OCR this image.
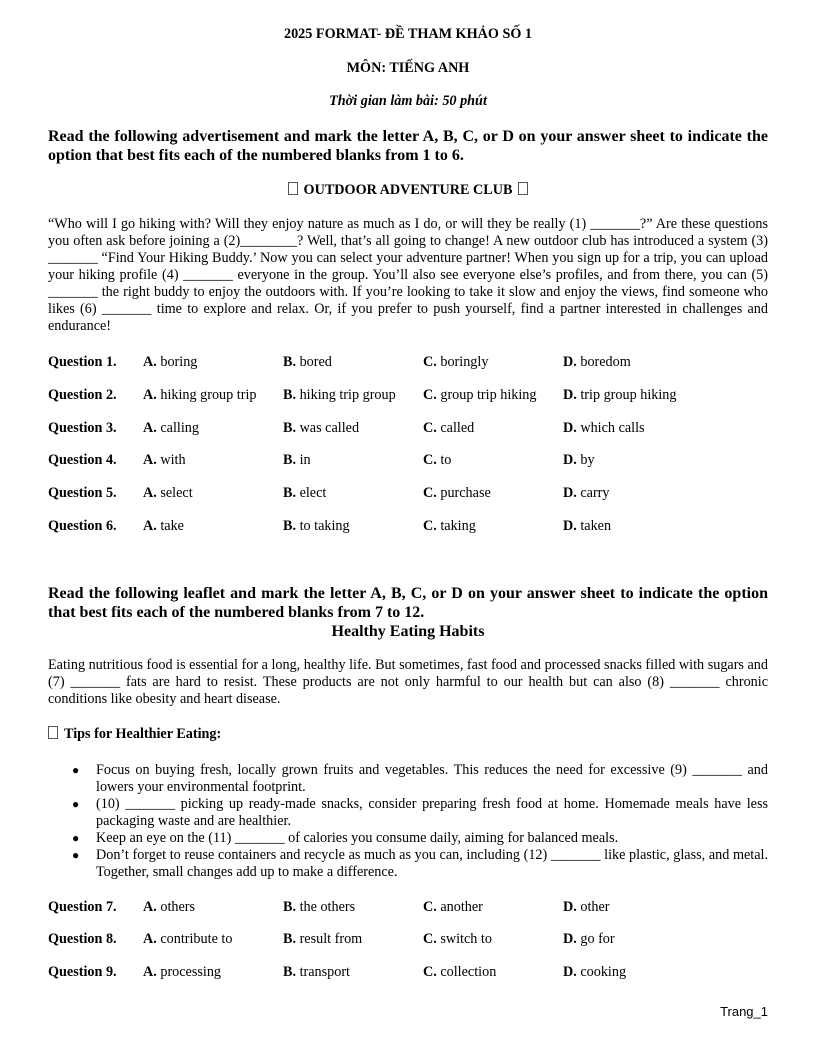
2025 FORMAT- ĐỀ THAM KHẢO SỐ 1
MÔN: TIẾNG ANH
Thời gian làm bài: 50 phút
Read the following advertisement and mark the letter A, B, C, or D on your answer sheet to indicate the option that best fits each of the numbered blanks from 1 to 6.
OUTDOOR ADVENTURE CLUB
“Who will I go hiking with? Will they enjoy nature as much as I do, or will they be really (1) _______?” Are these questions you often ask before joining a (2)________? Well, that’s all going to change! A new outdoor club has introduced a system (3) _______ “Find Your Hiking Buddy.’ Now you can select your adventure partner! When you sign up for a trip, you can upload your hiking profile (4) _______ everyone in the group. You’ll also see everyone else’s profiles, and from there, you can (5) _______ the right buddy to enjoy the outdoors with. If you’re looking to take it slow and enjoy the views, find someone who likes (6) _______ time to explore and relax. Or, if you prefer to push yourself, find a partner interested in challenges and endurance!
Question 1. A. boring	B. bored	C. boringly	D. boredom
Question 2. A. hiking group trip B. hiking trip group C. group trip hiking D. trip group hiking
Question 3. A. calling	B. was called	C. called	D. which calls
Question 4. A. with	B. in	C. to	D. by
Question 5. A. select	B. elect	C. purchase	D. carry
Question 6. A. take	B. to taking	C. taking	D. taken
Read the following leaflet and mark the letter A, B, C, or D on your answer sheet to indicate the option that best fits each of the numbered blanks from 7 to 12.
Healthy Eating Habits
Eating nutritious food is essential for a long, healthy life. But sometimes, fast food and processed snacks filled with sugars and (7) _______ fats are hard to resist. These products are not only harmful to our health but can also (8) _______ chronic conditions like obesity and heart disease.
Tips for Healthier Eating:
● Focus on buying fresh, locally grown fruits and vegetables. This reduces the need for excessive (9) _______ and lowers your environmental footprint.
● (10) _______ picking up ready-made snacks, consider preparing fresh food at home. Homemade meals have less packaging waste and are healthier.
● Keep an eye on the (11) _______ of calories you consume daily, aiming for balanced meals.
● Don’t forget to reuse containers and recycle as much as you can, including (12) _______ like plastic, glass, and metal. Together, small changes add up to make a difference.
Question 7. A. others	B. the others	C. another	D. other
Question 8. A. contribute to	B. result from	C. switch to	D. go for
Question 9. A. processing	B. transport	C. collection	D. cooking
Trang_1
